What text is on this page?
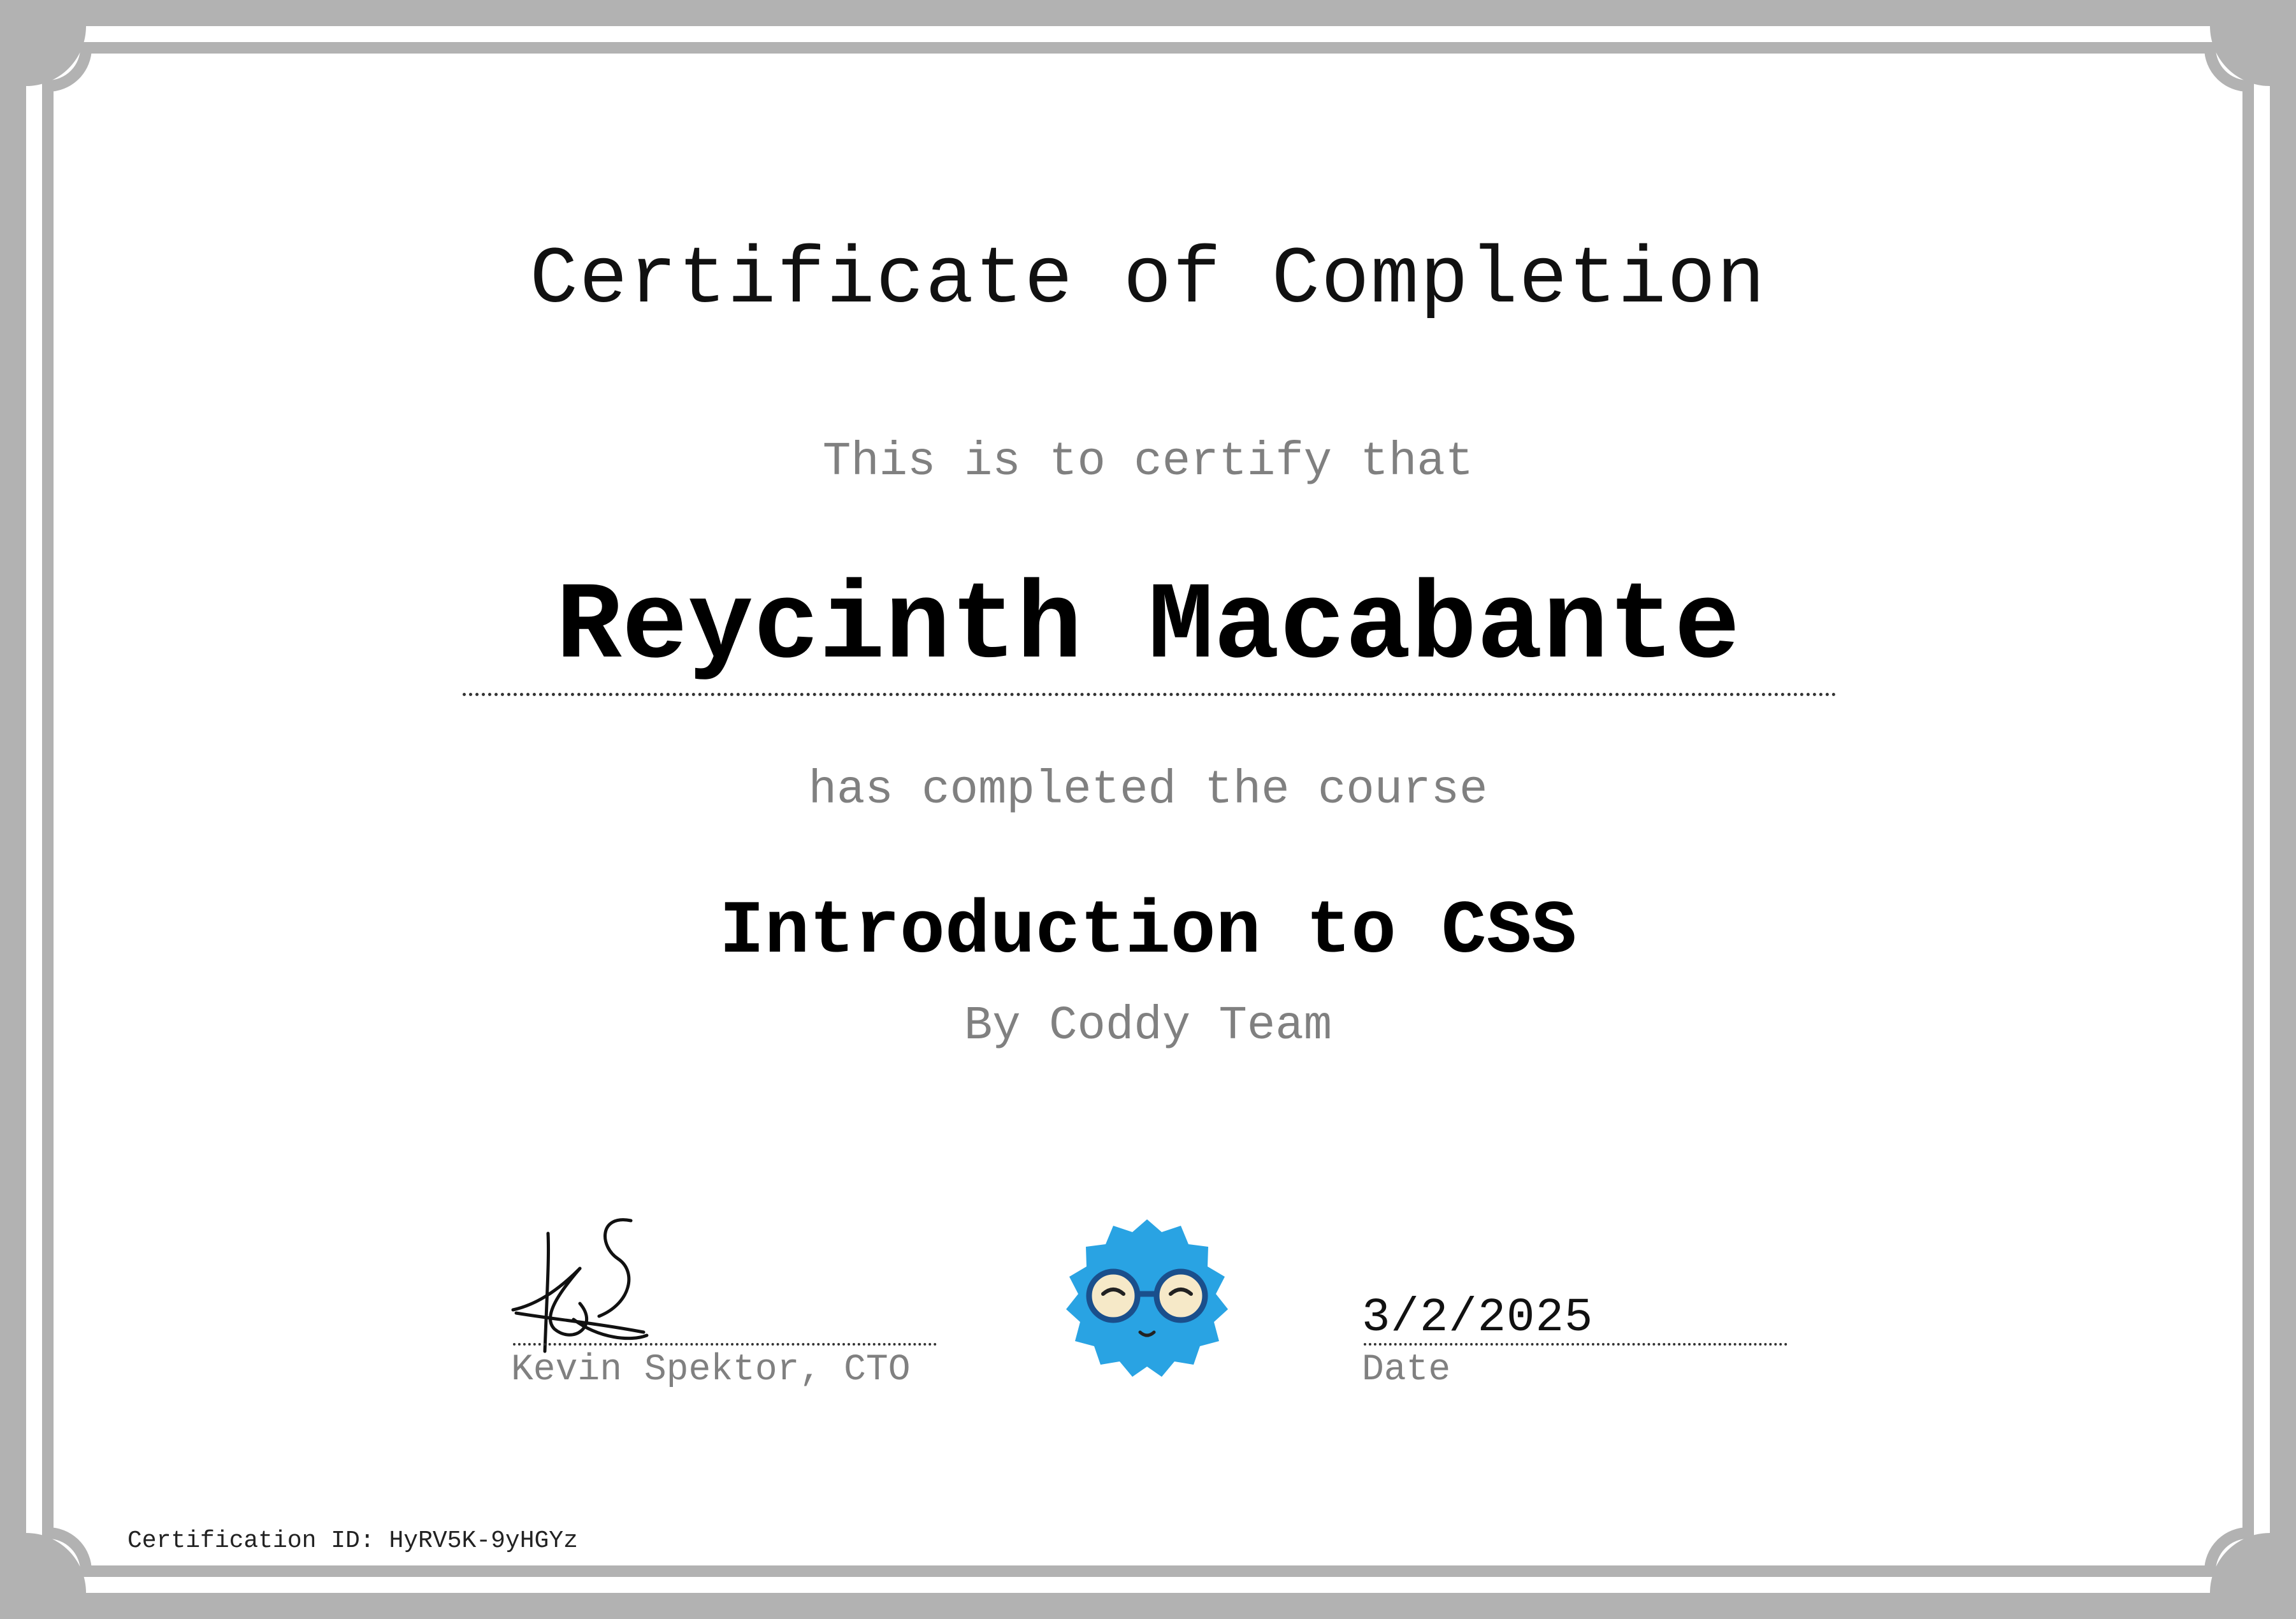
Certificate of Completion
This is to certify that
Reycinth Macabante
has completed the course
Introduction to CSS
By Coddy Team
Kevin Spektor, CTO
3/2/2025
Date
Certification ID: HyRV5K-9yHGYz
